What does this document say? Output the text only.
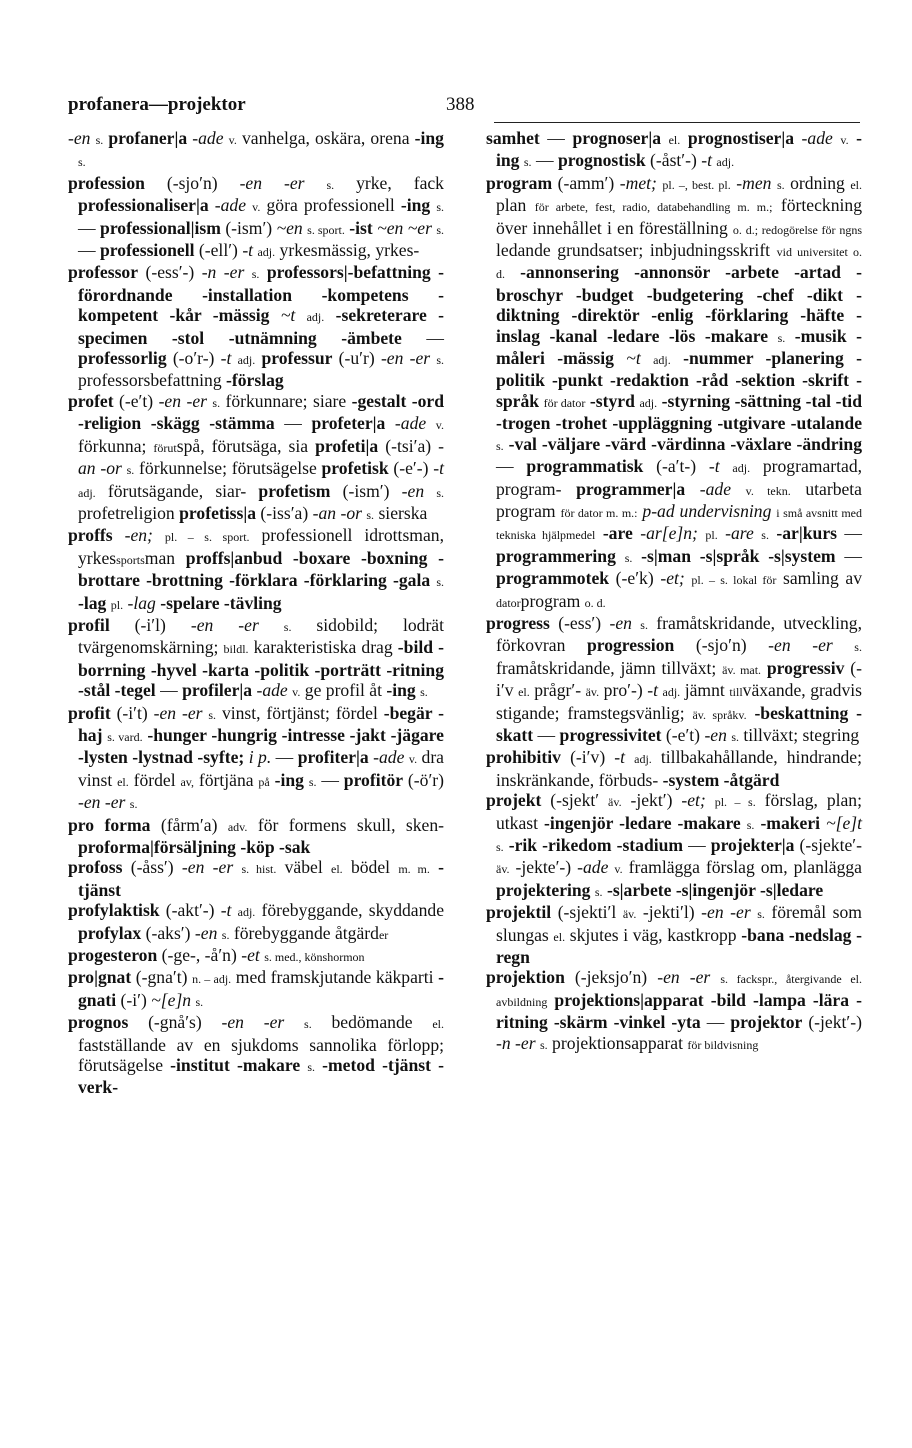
profanera—projektor	388

-en s. profaner|a -ade v. vanhelga, oskära, orena -ing s.

profession (-sjo′n) -en -er s. yrke, fack professionaliser|a -ade v. göra professionell -ing s. — professional|ism (-ism′) ~en s. sport. -ist ~en ~er s. — professionell (-ell′) -t adj. yrkesmässig, yrkes-

professor (-ess′-) -n -er s. professors|-befattning -förordnande -installation -kompetens -kompetent -kår -mässig ~t adj. -sekreterare -specimen -stol -utnämning -ämbete — professorlig (-o′r-) -t adj. professur (-u′r) -en -er s. professorsbefattning -förslag

profet (-e′t) -en -er s. förkunnare; siare -gestalt -ord -religion -skägg -stämma — profeter|a -ade v. förkunna; förutspå, förutsäga, sia profeti|a (-tsi′a) -an -or s. förkunnelse; förutsägelse profetisk (-e′-) -t adj. förutsägande, siar- profetism (-ism′) -en s. profetreligion profetiss|a (-iss′a) -an -or s. sierska

proffs -en; pl. – s. sport. professionell idrottsman, yrkessportsman proffs|anbud -boxare -boxning -brottare -brottning -förklara -förklaring -gala s. -lag pl. -lag -spelare -tävling

profil (-i′l) -en -er s. sidobild; lodrät tvärgenomskärning; bildl. karakteristiska drag -bild -borrning -hyvel -karta -politik -porträtt -ritning -stål -tegel — profiler|a -ade v. ge profil åt -ing s.

profit (-i′t) -en -er s. vinst, förtjänst; fördel -begär -haj s. vard. -hunger -hungrig -intresse -jakt -jägare -lysten -lystnad -syfte; i p. — profiter|a -ade v. dra vinst el. fördel av, förtjäna på -ing s. — profitör (-ö′r) -en -er s.

pro forma (fårm′a) adv. för formens skull, sken- proforma|försäljning -köp -sak

profoss (-åss′) -en -er s. hist. väbel el. bödel m. m. -tjänst

profylaktisk (-akt′-) -t adj. förebyggande, skyddande profylax (-aks′) -en s. förebyggande åtgärder

progesteron (-ge-, -å′n) -et s. med., könshormon

pro|gnat (-gna′t) n. – adj. med framskjutande käkparti -gnati (-i′) ~[e]n s.

prognos (-gnå′s) -en -er s. bedömande el. fastställande av en sjukdoms sannolika förlopp; förutsägelse -institut -makare s. -metod -tjänst -verk-

samhet — prognoser|a el. prognostiser|a -ade v. -ing s. — prognostisk (-åst′-) -t adj.

program (-amm′) -met; pl. –, best. pl. -men s. ordning el. plan för arbete, fest, radio, databehandling m. m.; förteckning över innehållet i en föreställning o. d.; redogörelse för ngns ledande grundsatser; inbjudningsskrift vid universitet o. d. -annonsering -annonsör -arbete -artad -broschyr -budget -budgetering -chef -dikt -diktning -direktör -enlig -förklaring -häfte -inslag -kanal -ledare -lös -makare s. -musik -måleri -mässig ~t adj. -nummer -planering -politik -punkt -redaktion -råd -sektion -skrift -språk för dator -styrd adj. -styrning -sättning -tal -tid -trogen -trohet -uppläggning -utgivare -utalande s. -val -väljare -värd -värdinna -växlare -ändring — programmatisk (-a′t-) -t adj. programartad, program- programmer|a -ade v. tekn. utarbeta program för dator m. m.: p-ad undervisning i små avsnitt med tekniska hjälpmedel -are -ar[e]n; pl. -are s. -ar|kurs — programmering s. -s|man -s|språk -s|system — programmotek (-e′k) -et; pl. – s. lokal för samling av datorprogram o. d.

progress (-ess′) -en s. framåtskridande, utveckling, förkovran progression (-sjo′n) -en -er s. framåtskridande, jämn tillväxt; äv. mat. progressiv (-i′v el. prågr′- äv. pro′-) -t adj. jämnt tillväxande, gradvis stigande; framstegsvänlig; äv. språkv. -beskattning -skatt — progressivitet (-e′t) -en s. tillväxt; stegring

prohibitiv (-i′v) -t adj. tillbakahållande, hindrande; inskränkande, förbuds- -system -åtgärd

projekt (-sjekt′ äv. -jekt′) -et; pl. – s. förslag, plan; utkast -ingenjör -ledare -makare s. -makeri ~[e]t s. -rik -rikedom -stadium — projekter|a (-sjekte′- äv. -jekte′-) -ade v. framlägga förslag om, planlägga projektering s. -s|arbete -s|ingenjör -s|ledare

projektil (-sjekti′l äv. -jekti′l) -en -er s. föremål som slungas el. skjutes i väg, kastkropp -bana -nedslag -regn

projektion (-jeksjo′n) -en -er s. fackspr., återgivande el. avbildning projektions|apparat -bild -lampa -lära -ritning -skärm -vinkel -yta — projektor (-jekt′-) -n -er s. projektionsapparat för bildvisning
